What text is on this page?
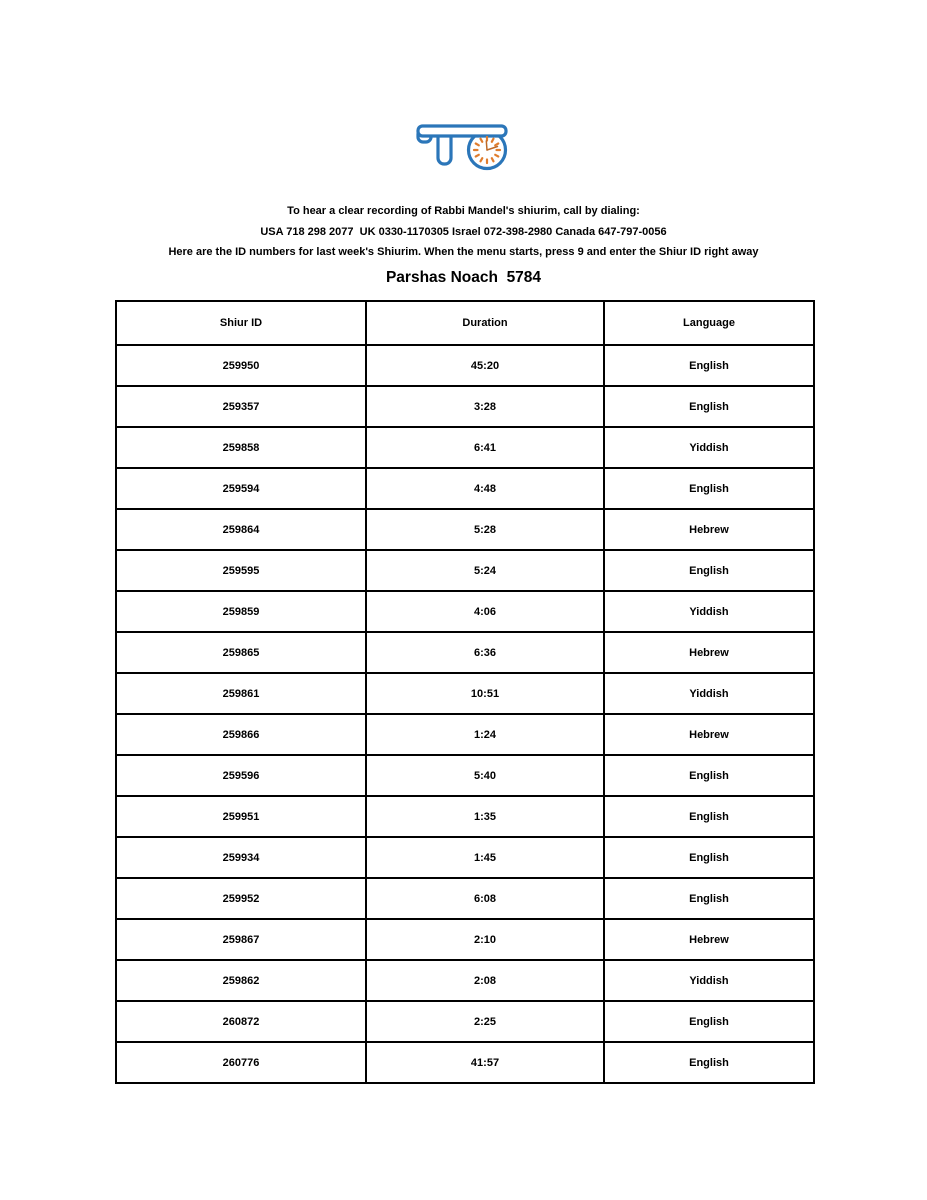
To hear a clear recording of Rabbi Mandel's shiurim, call by dialing:
USA 718 298 2077  UK 0330-1170305 Israel 072-398-2980 Canada 647-797-0056
Here are the ID numbers for last week's Shiurim. When the menu starts, press 9 and enter the Shiur ID right away
Parshas Noach  5784
Shiur ID	Duration	Language
259950	45:20	English
259357	3:28	English
259858	6:41	Yiddish
259594	4:48	English
259864	5:28	Hebrew
259595	5:24	English
259859	4:06	Yiddish
259865	6:36	Hebrew
259861	10:51	Yiddish
259866	1:24	Hebrew
259596	5:40	English
259951	1:35	English
259934	1:45	English
259952	6:08	English
259867	2:10	Hebrew
259862	2:08	Yiddish
260872	2:25	English
260776	41:57	English
